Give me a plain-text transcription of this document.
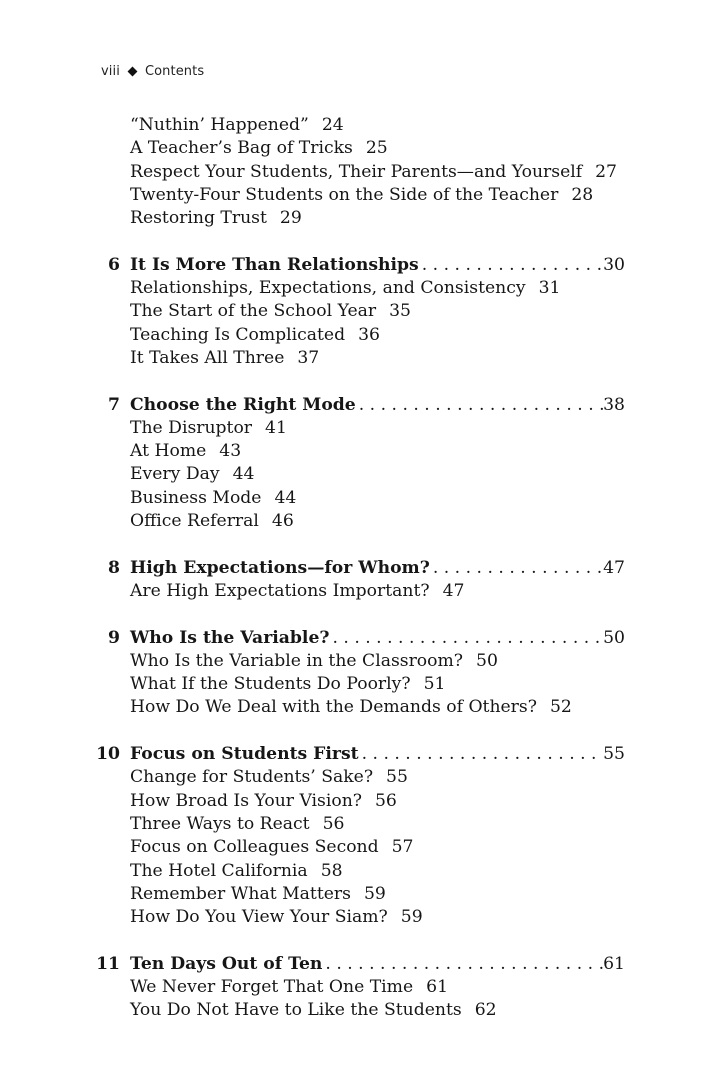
viii Contents
“Nuthin’ Happened” 24
A Teacher’s Bag of Tricks 25
Respect Your Students, Their Parents—and Yourself 27
Twenty-Four Students on the Side of the Teacher 28
Restoring Trust 29
6 It Is More Than Relationships . . .	30
Relationships, Expectations, and Consistency 31
The Start of the School Year 35
Teaching Is Complicated 36
It Takes All Three 37
7 Choose the Right Mode . . .	38
The Disruptor 41
At Home 43
Every Day 44
Business Mode 44
Office Referral 46
8 High Expectations—for Whom? . . .	47
Are High Expectations Important? 47
9 Who Is the Variable? . . .	50
Who Is the Variable in the Classroom? 50
What If the Students Do Poorly? 51
How Do We Deal with the Demands of Others? 52
10 Focus on Students First . . .	55
Change for Students’ Sake? 55
How Broad Is Your Vision? 56
Three Ways to React 56
Focus on Colleagues Second 57
The Hotel California 58
Remember What Matters 59
How Do You View Your Siam? 59
11 Ten Days Out of Ten . . .	61
We Never Forget That One Time 61
You Do Not Have to Like the Students 62
